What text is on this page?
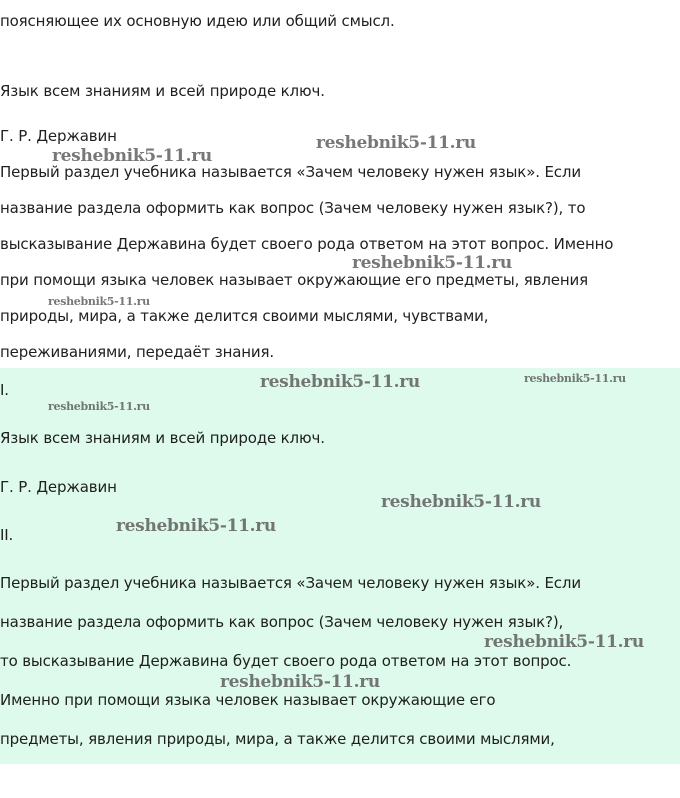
поясняющее их основную идею или общий смысл.

Язык всем знаниям и всей природе ключ.

Г. Р. Державин

Первый раздел учебника называется «Зачем человеку нужен язык». Если

название раздела оформить как вопрос (Зачем человеку нужен язык?), то

высказывание Державина будет своего рода ответом на этот вопрос. Именно

при помощи языка человек называет окружающие его предметы, явления

природы, мира, а также делится своими мыслями, чувствами,

переживаниями, передаёт знания.

I.

Язык всем знаниям и всей природе ключ.

Г. Р. Державин

II.

Первый раздел учебника называется «Зачем человеку нужен язык». Если

название раздела оформить как вопрос (Зачем человеку нужен язык?),

то высказывание Державина будет своего рода ответом на этот вопрос.

Именно при помощи языка человек называет окружающие его

предметы, явления природы, мира, а также делится своими мыслями,

reshebnik5-11.ru
reshebnik5-11.ru
reshebnik5-11.ru
reshebnik5-11.ru
reshebnik5-11.ru	reshebnik5-11.ru
reshebnik5-11.ru
reshebnik5-11.ru
reshebnik5-11.ru
reshebnik5-11.ru
reshebnik5-11.ru
